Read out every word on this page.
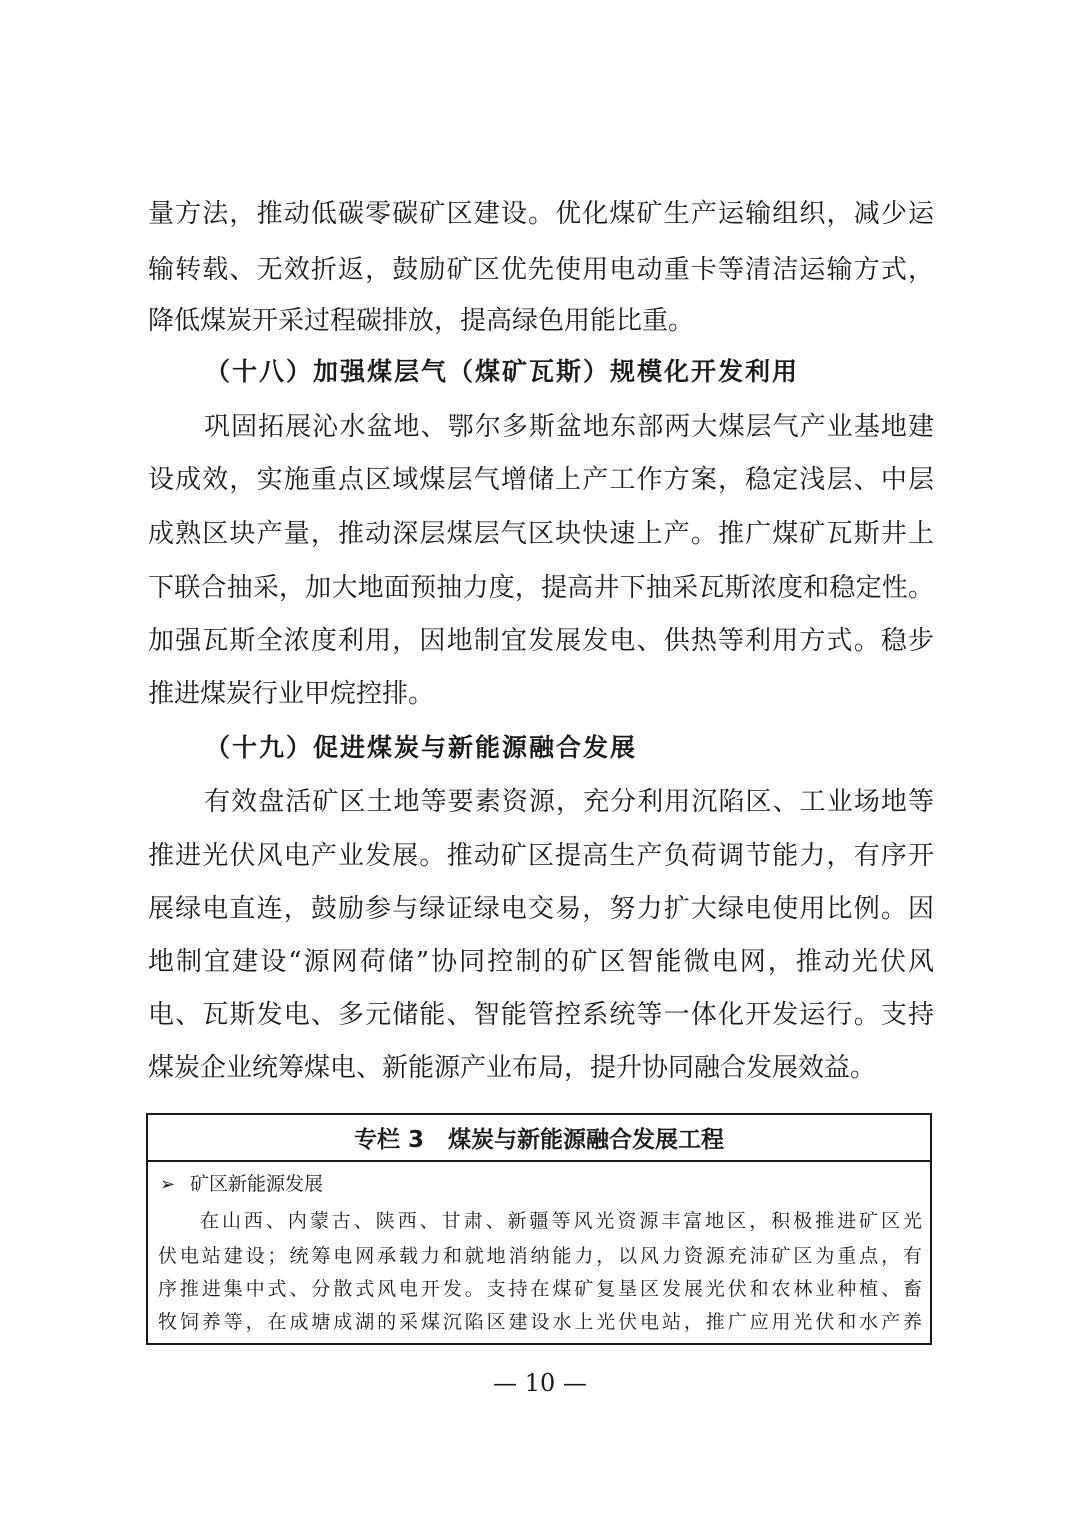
量方法，推动低碳零碳矿区建设。优化煤矿生产运输组织，减少运
输转载、无效折返，鼓励矿区优先使用电动重卡等清洁运输方式，
降低煤炭开采过程碳排放，提高绿色用能比重。
（十八）加强煤层气（煤矿瓦斯）规模化开发利用
巩固拓展沁水盆地、鄂尔多斯盆地东部两大煤层气产业基地建
设成效，实施重点区域煤层气增储上产工作方案，稳定浅层、中层
成熟区块产量，推动深层煤层气区块快速上产。推广煤矿瓦斯井上
下联合抽采，加大地面预抽力度，提高井下抽采瓦斯浓度和稳定性。
加强瓦斯全浓度利用，因地制宜发展发电、供热等利用方式。稳步
推进煤炭行业甲烷控排。
（十九）促进煤炭与新能源融合发展
有效盘活矿区土地等要素资源，充分利用沉陷区、工业场地等
推进光伏风电产业发展。推动矿区提高生产负荷调节能力，有序开
展绿电直连，鼓励参与绿证绿电交易，努力扩大绿电使用比例。因
地制宜建设“源网荷储”协同控制的矿区智能微电网，推动光伏风
电、瓦斯发电、多元储能、智能管控系统等一体化开发运行。支持
煤炭企业统筹煤电、新能源产业布局，提升协同融合发展效益。
专栏 3 煤炭与新能源融合发展工程
➢ 矿区新能源发展
在山西、内蒙古、陕西、甘肃、新疆等风光资源丰富地区，积极推进矿区光
伏电站建设；统筹电网承载力和就地消纳能力，以风力资源充沛矿区为重点，有
序推进集中式、分散式风电开发。支持在煤矿复垦区发展光伏和农林业种植、畜
牧饲养等，在成塘成湖的采煤沉陷区建设水上光伏电站，推广应用光伏和水产养
— 10 —
